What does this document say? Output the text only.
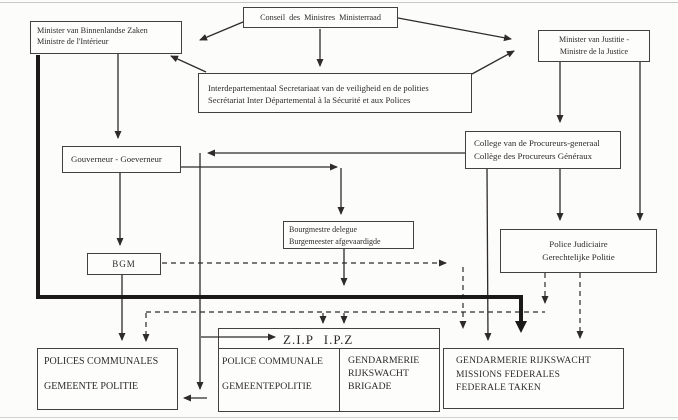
Minister van Binnenlandse Zaken
Ministre de l'Intérieur
Conseil des Ministres Ministerraad
Minister van Justitie -
Ministre de la Justice
Interdepartementaal Secretariaat van de veiligheid en de polities
Secrétariat Inter Départemental à la Sécurité et aux Polices
College van de Procureurs-generaal
Collège des Procureurs Généraux
Gouverneur - Goeverneur
Bourgmestre delegue
Burgemeester afgevaardigde
BGM
Police Judiciaire
Gerechtelijke Politie
Z.I.P I.P.Z
POLICE COMMUNALE
GEMEENTEPOLITIE
GENDARMERIE
RIJKSWACHT
BRIGADE
POLICES COMMUNALES
GEMEENTE POLITIE
GENDARMERIE RIJKSWACHT
MISSIONS FEDERALES
FEDERALE TAKEN
